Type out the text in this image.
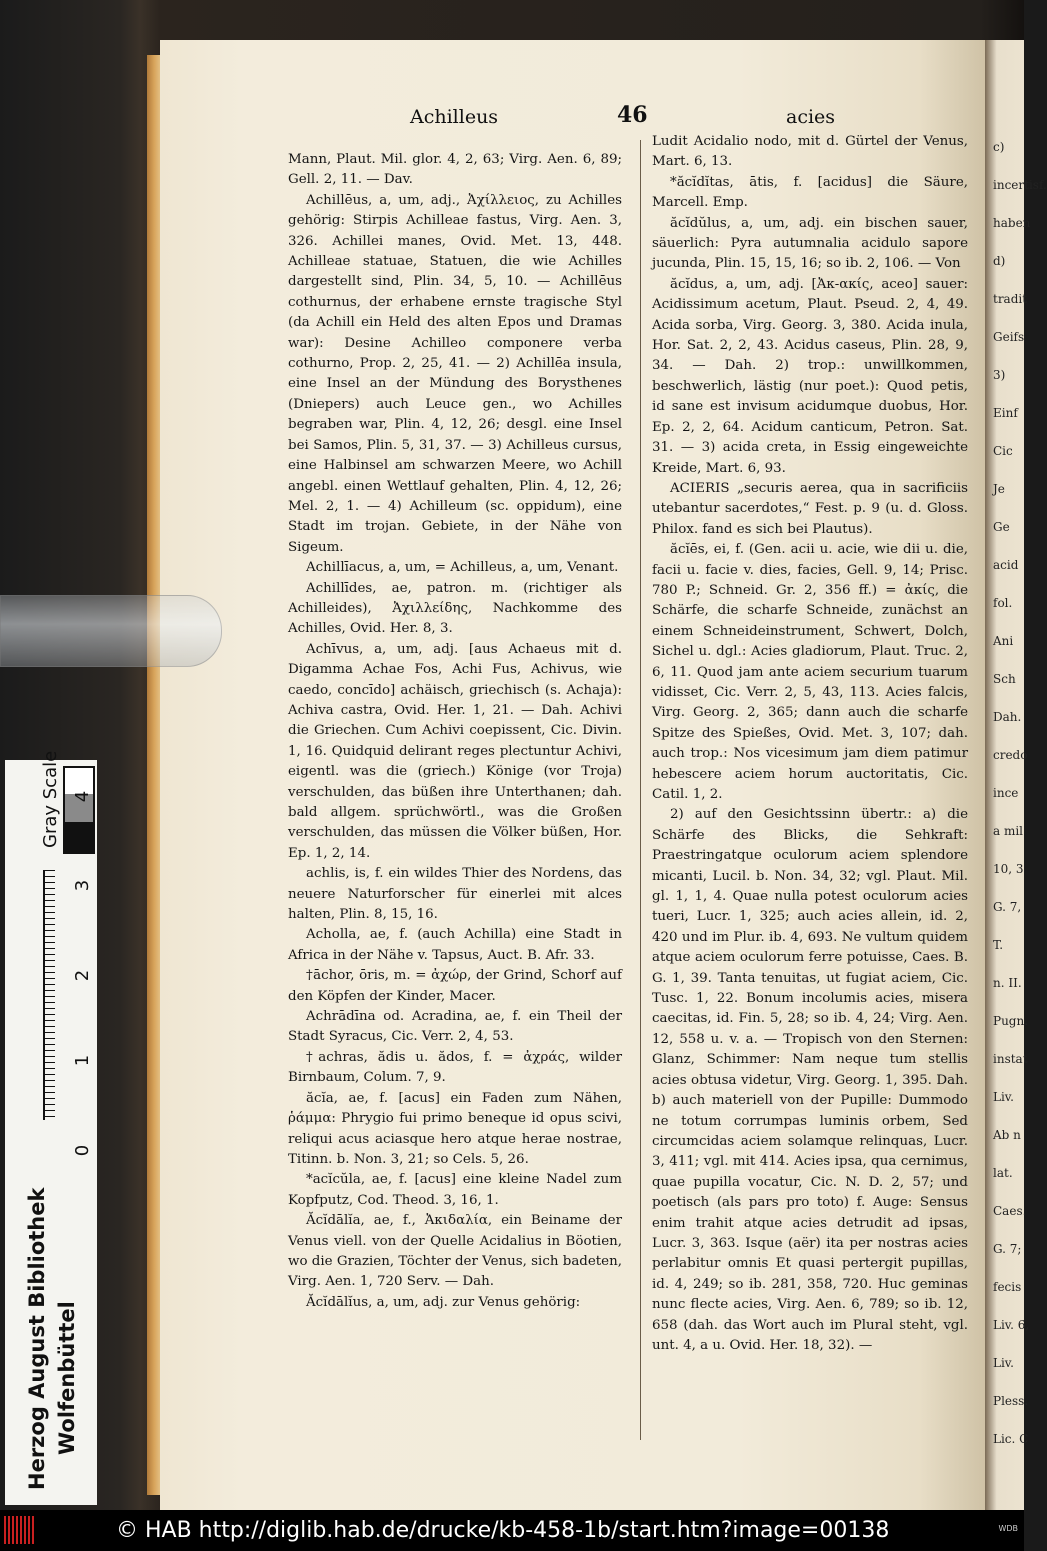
c)
incertisf.
haben
d)
tradit
Geifs
3)
Einf
Cic
Je
Ge
acid
fol.
Ani
Sch
Dah.
credo
ince
a mil
10, 3
G. 7,
T.
n. II.
Pugn.
instat
Liv.
Ab n
lat.
Caes.
G. 7;
fecis
Liv. 6,
Liv.
Pless.
Lic. C
Achilleus	46	acies

Mann, Plaut. Mil. glor. 4, 2, 63; Virg. Aen. 6, 89; Gell. 2, 11. — Dav.

Achillēus, a, um, adj., Ἀχίλλειος, zu Achilles gehörig: Stirpis Achilleae fastus, Virg. Aen. 3, 326. Achillei manes, Ovid. Met. 13, 448. Achilleae statuae, Statuen, die wie Achilles dargestellt sind, Plin. 34, 5, 10. — Achillēus cothurnus, der erhabene ernste tragische Styl (da Achill ein Held des alten Epos und Dramas war): Desine Achilleo componere verba cothurno, Prop. 2, 25, 41. — 2) Achillēa insula, eine Insel an der Mündung des Borysthenes (Dniepers) auch Leuce gen., wo Achilles begraben war, Plin. 4, 12, 26; desgl. eine Insel bei Samos, Plin. 5, 31, 37. — 3) Achilleus cursus, eine Halbinsel am schwarzen Meere, wo Achill angebl. einen Wettlauf gehalten, Plin. 4, 12, 26; Mel. 2, 1. — 4) Achilleum (sc. oppidum), eine Stadt im trojan. Gebiete, in der Nähe von Sigeum.

Achillīacus, a, um, = Achilleus, a, um, Venant.

Achillīdes, ae, patron. m. (richtiger als Achilleides), Ἀχιλλείδης, Nachkomme des Achilles, Ovid. Her. 8, 3.

Achīvus, a, um, adj. [aus Achaeus mit d. Digamma Achae Fos, Achi Fus, Achivus, wie caedo, concīdo] achäisch, griechisch (s. Achaja): Achiva castra, Ovid. Her. 1, 21. — Dah. Achivi die Griechen. Cum Achivi coepissent, Cic. Divin. 1, 16. Quidquid delirant reges plectuntur Achivi, eigentl. was die (griech.) Könige (vor Troja) verschulden, das büßen ihre Unterthanen; dah. bald allgem. sprüchwörtl., was die Großen verschulden, das müssen die Völker büßen, Hor. Ep. 1, 2, 14.

achlis, is, f. ein wildes Thier des Nordens, das neuere Naturforscher für einerlei mit alces halten, Plin. 8, 15, 16.

Acholla, ae, f. (auch Achilla) eine Stadt in Africa in der Nähe v. Tapsus, Auct. B. Afr. 33.

†āchor, ōris, m. = ἀχώρ, der Grind, Schorf auf den Köpfen der Kinder, Macer.

Achrādīna od. Acradina, ae, f. ein Theil der Stadt Syracus, Cic. Verr. 2, 4, 53.

†achras, ădis u. ădos, f. = ἀχράς, wilder Birnbaum, Colum. 7, 9.

ăcĭa, ae, f. [acus] ein Faden zum Nähen, ῥάμμα: Phrygio fui primo beneque id opus scivi, reliqui acus aciasque hero atque herae nostrae, Titinn. b. Non. 3, 21; so Cels. 5, 26.

*acĭcŭla, ae, f. [acus] eine kleine Nadel zum Kopfputz, Cod. Theod. 3, 16, 1.

Ăcĭdālĭa, ae, f., Ἀκιδαλία, ein Beiname der Venus viell. von der Quelle Acidalius in Böotien, wo die Grazien, Töchter der Venus, sich badeten, Virg. Aen. 1, 720 Serv. — Dah.

Ăcĭdālĭus, a, um, adj. zur Venus gehörig:

Ludit Acidalio nodo, mit d. Gürtel der Venus, Mart. 6, 13.

*ăcĭdĭtas, ātis, f. [acidus] die Säure, Marcell. Emp.

ăcĭdŭlus, a, um, adj. ein bischen sauer, säuerlich: Pyra autumnalia acidulo sapore jucunda, Plin. 15, 15, 16; so ib. 2, 106. — Von

ăcĭdus, a, um, adj. [Ἀκ-ακίς, aceo] sauer: Acidissimum acetum, Plaut. Pseud. 2, 4, 49. Acida sorba, Virg. Georg. 3, 380. Acida inula, Hor. Sat. 2, 2, 43. Acidus caseus, Plin. 28, 9, 34. — Dah. 2) trop.: unwillkommen, beschwerlich, lästig (nur poet.): Quod petis, id sane est invisum acidumque duobus, Hor. Ep. 2, 2, 64. Acidum canticum, Petron. Sat. 31. — 3) acida creta, in Essig eingeweichte Kreide, Mart. 6, 93.

ACIERIS „securis aerea, qua in sacrificiis utebantur sacerdotes,“ Fest. p. 9 (u. d. Gloss. Philox. fand es sich bei Plautus).

ăcĭēs, ei, f. (Gen. acii u. acie, wie dii u. die, facii u. facie v. dies, facies, Gell. 9, 14; Prisc. 780 P.; Schneid. Gr. 2, 356 ff.) = ἀκίς, die Schärfe, die scharfe Schneide, zunächst an einem Schneideinstrument, Schwert, Dolch, Sichel u. dgl.: Acies gladiorum, Plaut. Truc. 2, 6, 11. Quod jam ante aciem securium tuarum vidisset, Cic. Verr. 2, 5, 43, 113. Acies falcis, Virg. Georg. 2, 365; dann auch die scharfe Spitze des Spießes, Ovid. Met. 3, 107; dah. auch trop.: Nos vicesimum jam diem patimur hebescere aciem horum auctoritatis, Cic. Catil. 1, 2.

2) auf den Gesichtssinn übertr.: a) die Schärfe des Blicks, die Sehkraft: Praestringatque oculorum aciem splendore micanti, Lucil. b. Non. 34, 32; vgl. Plaut. Mil. gl. 1, 1, 4. Quae nulla potest oculorum acies tueri, Lucr. 1, 325; auch acies allein, id. 2, 420 und im Plur. ib. 4, 693. Ne vultum quidem atque aciem oculorum ferre potuisse, Caes. B. G. 1, 39. Tanta tenuitas, ut fugiat aciem, Cic. Tusc. 1, 22. Bonum incolumis acies, misera caecitas, id. Fin. 5, 28; so ib. 4, 24; Virg. Aen. 12, 558 u. v. a. — Tropisch von den Sternen: Glanz, Schimmer: Nam neque tum stellis acies obtusa videtur, Virg. Georg. 1, 395. Dah. b) auch materiell von der Pupille: Dummodo ne totum corrumpas luminis orbem, Sed circumcidas aciem solamque relinquas, Lucr. 3, 411; vgl. mit 414. Acies ipsa, qua cernimus, quae pupilla vocatur, Cic. N. D. 2, 57; und poetisch (als pars pro toto) f. Auge: Sensus enim trahit atque acies detrudit ad ipsas, Lucr. 3, 363. Isque (aër) ita per nostras acies perlabitur omnis Et quasi pertergit pupillas, id. 4, 249; so ib. 281, 358, 720. Huc geminas nunc flecte acies, Virg. Aen. 6, 789; so ib. 12, 658 (dah. das Wort auch im Plural steht, vgl. unt. 4, a u. Ovid. Her. 18, 32). —

Gray Scale 4
3
2
1
0
Herzog August Bibliothek Wolfenbüttel
© HAB http://diglib.hab.de/drucke/kb-458-1b/start.htm?image=00138	WDB
